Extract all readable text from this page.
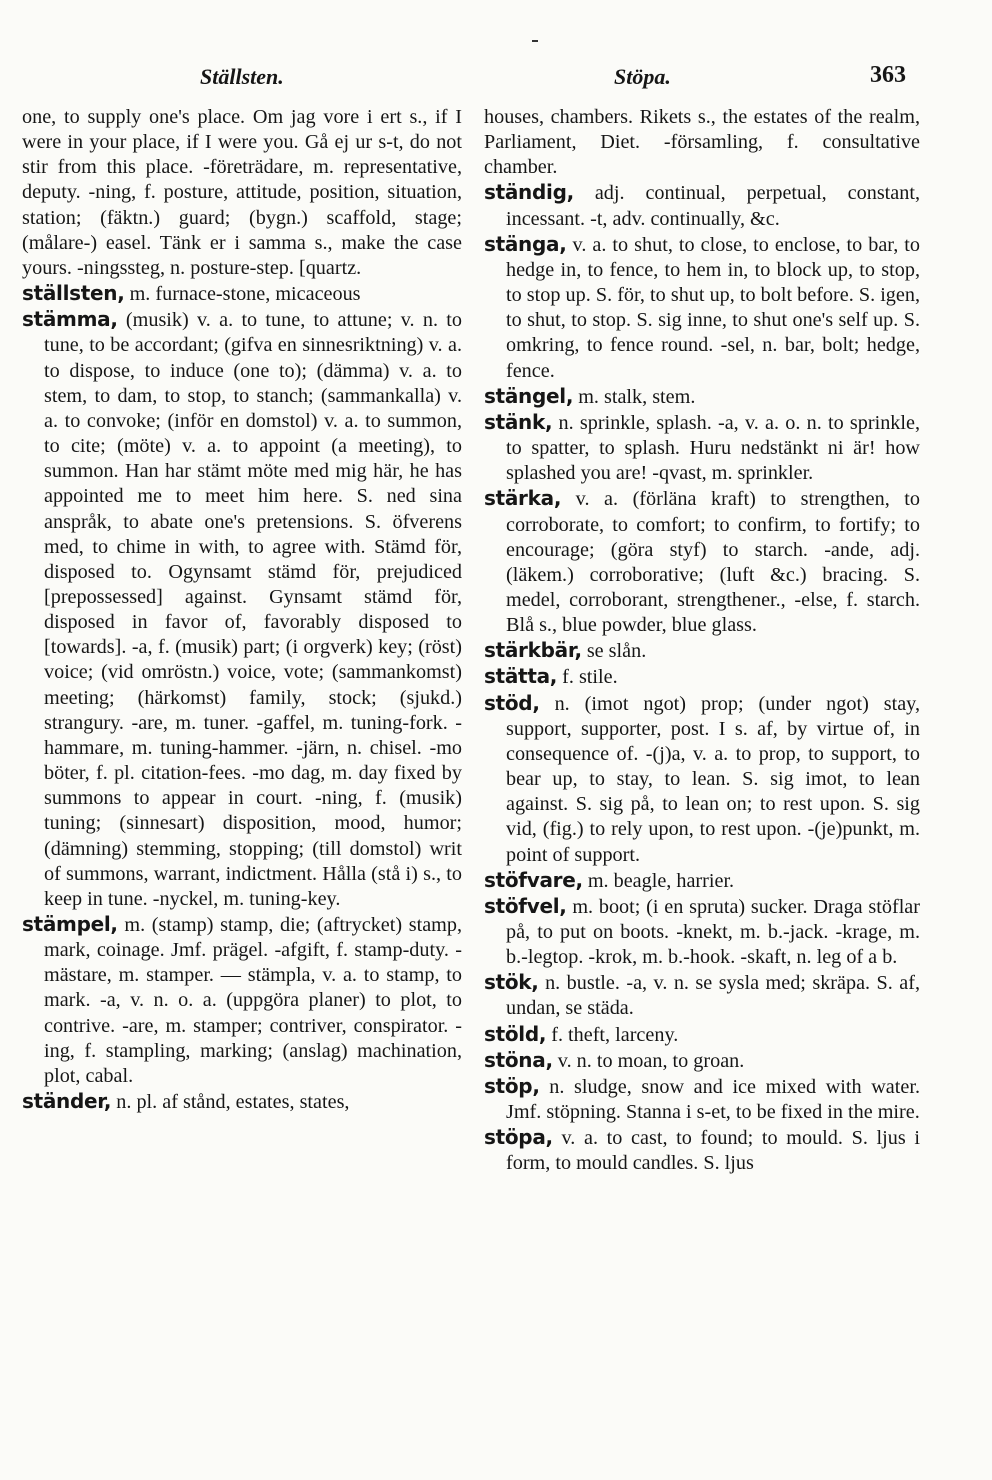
Ställsten.	Stöpa.	363

one, to supply one's place. Om jag vore i ert s., if I were in your place, if I were you. Gå ej ur s-t, do not stir from this place. -företrädare, m. representative, deputy. -ning, f. posture, attitude, position, situation, station; (fäktn.) guard; (bygn.) scaffold, stage; (målare-) easel. Tänk er i samma s., make the case yours. -ningssteg, n. posture-step. [quartz.

ställsten, m. furnace-stone, micaceous

stämma, (musik) v. a. to tune, to attune; v. n. to tune, to be accordant; (gifva en sinnesriktning) v. a. to dispose, to induce (one to); (dämma) v. a. to stem, to dam, to stop, to stanch; (sammankalla) v. a. to convoke; (inför en domstol) v. a. to summon, to cite; (möte) v. a. to appoint (a meeting), to summon. Han har stämt möte med mig här, he has appointed me to meet him here. S. ned sina anspråk, to abate one's pretensions. S. öfverens med, to chime in with, to agree with. Stämd för, disposed to. Ogynsamt stämd för, prejudiced [prepossessed] against. Gynsamt stämd för, disposed in favor of, favorably disposed to [towards]. -a, f. (musik) part; (i orgverk) key; (röst) voice; (vid omröstn.) voice, vote; (sammankomst) meeting; (härkomst) family, stock; (sjukd.) strangury. -are, m. tuner. -gaffel, m. tuning-fork. -hammare, m. tuning-hammer. -järn, n. chisel. -mo böter, f. pl. citation-fees. -mo dag, m. day fixed by summons to appear in court. -ning, f. (musik) tuning; (sinnesart) disposition, mood, humor; (dämning) stemming, stopping; (till domstol) writ of summons, warrant, indictment. Hålla (stå i) s., to keep in tune. -nyckel, m. tuning-key.

stämpel, m. (stamp) stamp, die; (aftrycket) stamp, mark, coinage. Jmf. prägel. -afgift, f. stamp-duty. -mästare, m. stamper. — stämpla, v. a. to stamp, to mark. -a, v. n. o. a. (uppgöra planer) to plot, to contrive. -are, m. stamper; contriver, conspirator. -ing, f. stampling, marking; (anslag) machination, plot, cabal.

ständer, n. pl. af stånd, estates, states,

houses, chambers. Rikets s., the estates of the realm, Parliament, Diet. -församling, f. consultative chamber.

ständig, adj. continual, perpetual, constant, incessant. -t, adv. continually, &c.

stänga, v. a. to shut, to close, to enclose, to bar, to hedge in, to fence, to hem in, to block up, to stop, to stop up. S. för, to shut up, to bolt before. S. igen, to shut, to stop. S. sig inne, to shut one's self up. S. omkring, to fence round. -sel, n. bar, bolt; hedge, fence.

stängel, m. stalk, stem.

stänk, n. sprinkle, splash. -a, v. a. o. n. to sprinkle, to spatter, to splash. Huru nedstänkt ni är! how splashed you are! -qvast, m. sprinkler.

stärka, v. a. (förläna kraft) to strengthen, to corroborate, to comfort; to confirm, to fortify; to encourage; (göra styf) to starch. -ande, adj. (läkem.) corroborative; (luft &c.) bracing. S. medel, corroborant, strengthener., -else, f. starch. Blå s., blue powder, blue glass.

stärkbär, se slån.

stätta, f. stile.

stöd, n. (imot ngot) prop; (under ngot) stay, support, supporter, post. I s. af, by virtue of, in consequence of. -(j)a, v. a. to prop, to support, to bear up, to stay, to lean. S. sig imot, to lean against. S. sig på, to lean on; to rest upon. S. sig vid, (fig.) to rely upon, to rest upon. -(je)punkt, m. point of support.

stöfvare, m. beagle, harrier.

stöfvel, m. boot; (i en spruta) sucker. Draga stöflar på, to put on boots. -knekt, m. b.-jack. -krage, m. b.-legtop. -krok, m. b.-hook. -skaft, n. leg of a b.

stök, n. bustle. -a, v. n. se sysla med; skräpa. S. af, undan, se städa.

stöld, f. theft, larceny.

stöna, v. n. to moan, to groan.

stöp, n. sludge, snow and ice mixed with water. Jmf. stöpning. Stanna i s-et, to be fixed in the mire.

stöpa, v. a. to cast, to found; to mould. S. ljus i form, to mould candles. S. ljus
